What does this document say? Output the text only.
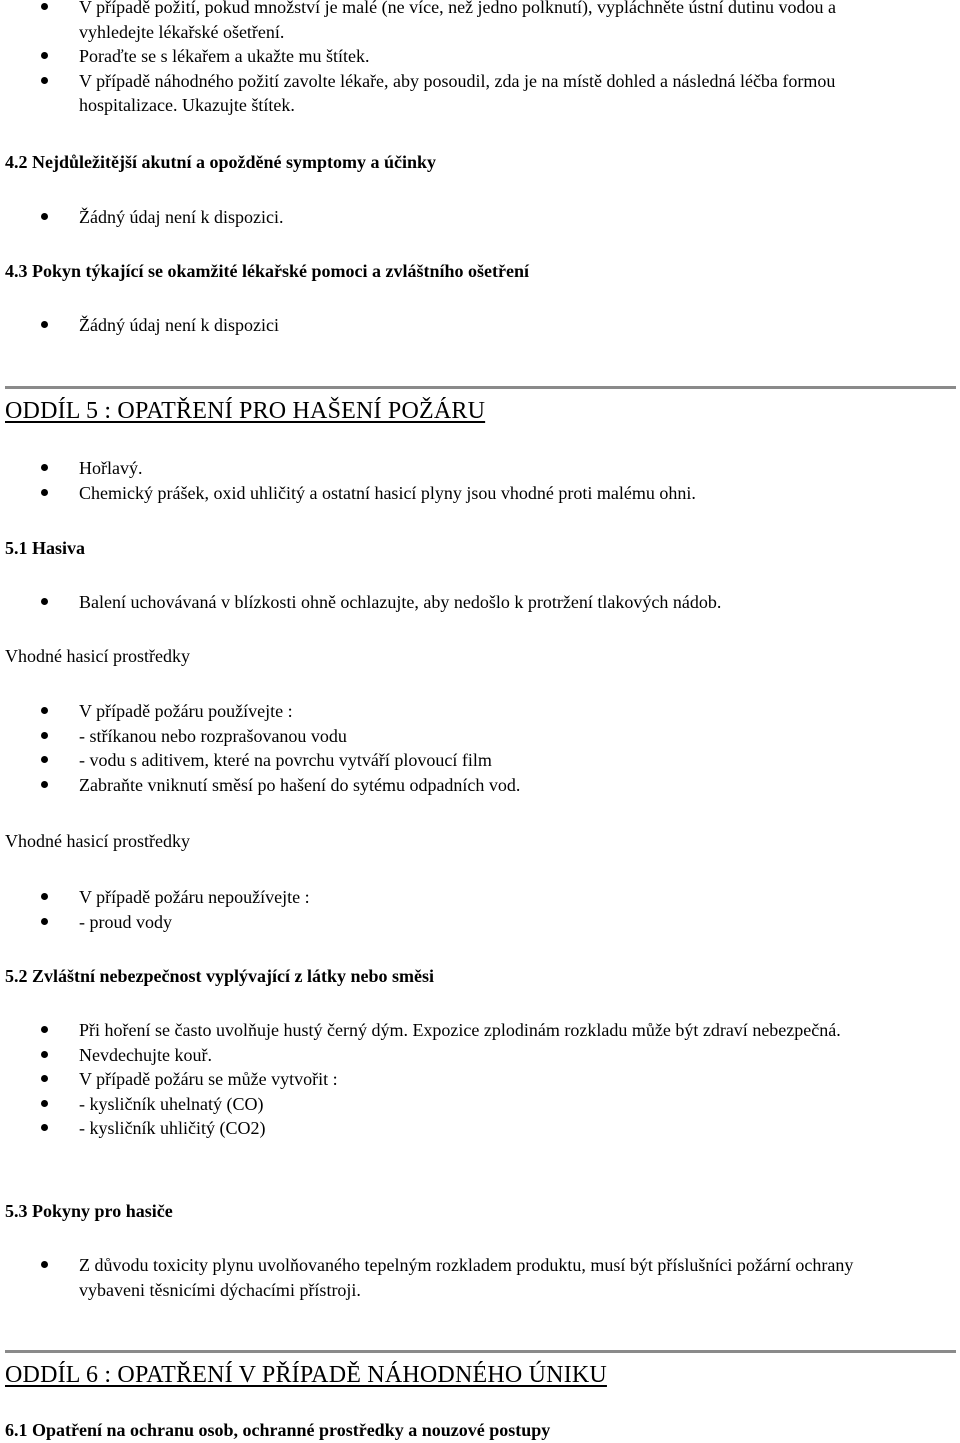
V případě požití, pokud množství je malé (ne více, než jedno polknutí), vypláchněte ústní dutinu vodou a vyhledejte lékařské ošetření.
Poraďte se s lékařem a ukažte mu štítek.
V případě náhodného požití zavolte lékaře, aby posoudil, zda je na místě dohled a následná léčba formou hospitalizace. Ukazujte štítek.
4.2 Nejdůležitější akutní a opožděné symptomy a účinky
Žádný údaj není k dispozici.
4.3 Pokyn týkající se okamžité lékařské pomoci a zvláštního ošetření
Žádný údaj není k dispozici
ODDÍL 5 : OPATŘENÍ PRO HAŠENÍ POŽÁRU
Hořlavý.
Chemický prášek, oxid uhličitý a ostatní hasicí plyny jsou vhodné proti malému ohni.
5.1 Hasiva
Balení uchovávaná v blízkosti ohně ochlazujte, aby nedošlo k protržení tlakových nádob.
Vhodné hasicí prostředky
V případě požáru používejte :
- stříkanou nebo rozprašovanou vodu
- vodu s aditivem, které na povrchu vytváří plovoucí film
Zabraňte vniknutí směsí po hašení do sytému odpadních vod.
Vhodné hasicí prostředky
V případě požáru nepoužívejte :
- proud vody
5.2 Zvláštní nebezpečnost vyplývající z látky nebo směsi
Při hoření se často uvolňuje hustý černý dým. Expozice zplodinám rozkladu může být zdraví nebezpečná.
Nevdechujte kouř.
V případě požáru se může vytvořit :
- kysličník uhelnatý (CO)
- kysličník uhličitý (CO2)
5.3 Pokyny pro hasiče
Z důvodu toxicity plynu uvolňovaného tepelným rozkladem produktu, musí být příslušníci požární ochrany vybaveni těsnicími dýchacími přístroji.
ODDÍL 6 : OPATŘENÍ V PŘÍPADĚ NÁHODNÉHO ÚNIKU
6.1 Opatření na ochranu osob, ochranné prostředky a nouzové postupy
